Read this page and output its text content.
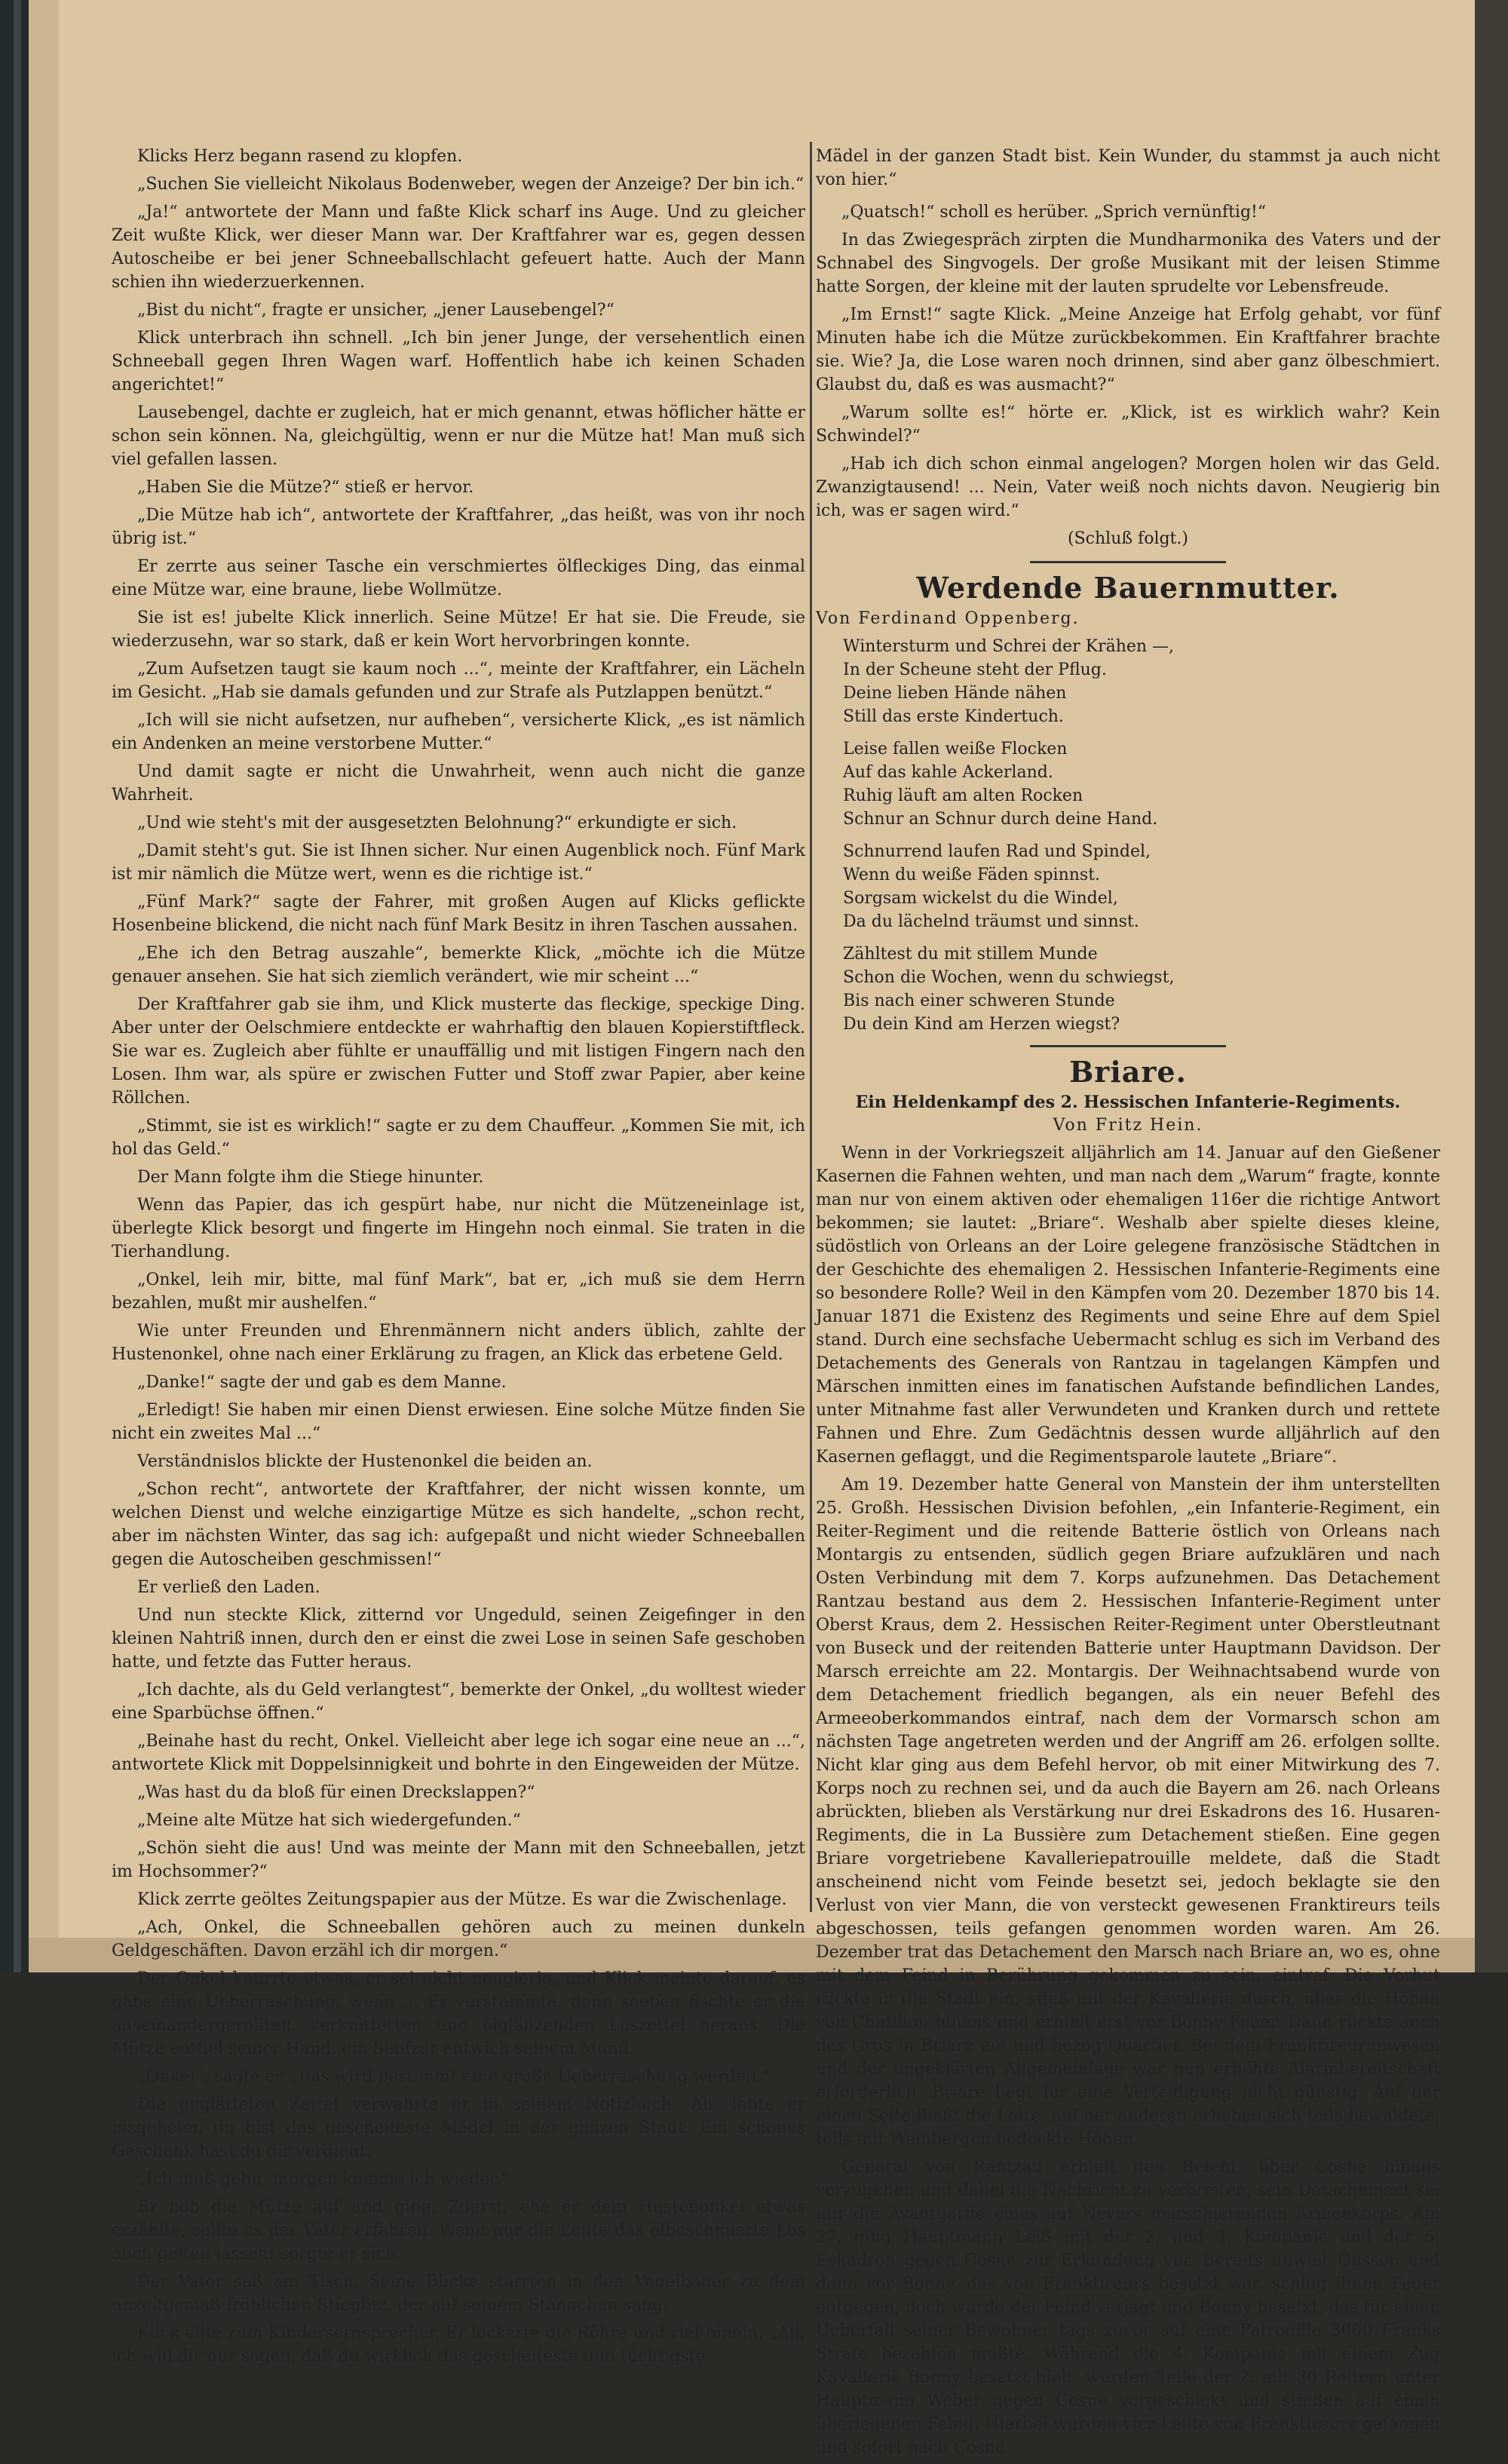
Klicks Herz begann rasend zu klopfen.

„Suchen Sie vielleicht Nikolaus Bodenweber, wegen der Anzeige? Der bin ich.“

„Ja!“ antwortete der Mann und faßte Klick scharf ins Auge. Und zu gleicher Zeit wußte Klick, wer dieser Mann war. Der Kraftfahrer war es, gegen dessen Autoscheibe er bei jener Schneeballschlacht gefeuert hatte. Auch der Mann schien ihn wiederzuerkennen.

„Bist du nicht“, fragte er unsicher, „jener Lausebengel?“

Klick unterbrach ihn schnell. „Ich bin jener Junge, der versehentlich einen Schneeball gegen Ihren Wagen warf. Hoffentlich habe ich keinen Schaden angerichtet!“

Lausebengel, dachte er zugleich, hat er mich genannt, etwas höflicher hätte er schon sein können. Na, gleichgültig, wenn er nur die Mütze hat! Man muß sich viel gefallen lassen.

„Haben Sie die Mütze?“ stieß er hervor.

„Die Mütze hab ich“, antwortete der Kraftfahrer, „das heißt, was von ihr noch übrig ist.“

Er zerrte aus seiner Tasche ein verschmiertes ölfleckiges Ding, das einmal eine Mütze war, eine braune, liebe Wollmütze.

Sie ist es! jubelte Klick innerlich. Seine Mütze! Er hat sie. Die Freude, sie wiederzusehn, war so stark, daß er kein Wort hervorbringen konnte.

„Zum Aufsetzen taugt sie kaum noch ...“, meinte der Kraftfahrer, ein Lächeln im Gesicht. „Hab sie damals gefunden und zur Strafe als Putzlappen benützt.“

„Ich will sie nicht aufsetzen, nur aufheben“, versicherte Klick, „es ist nämlich ein Andenken an meine verstorbene Mutter.“

Und damit sagte er nicht die Unwahrheit, wenn auch nicht die ganze Wahrheit.

„Und wie steht's mit der ausgesetzten Belohnung?“ erkundigte er sich.

„Damit steht's gut. Sie ist Ihnen sicher. Nur einen Augenblick noch. Fünf Mark ist mir nämlich die Mütze wert, wenn es die richtige ist.“

„Fünf Mark?“ sagte der Fahrer, mit großen Augen auf Klicks geflickte Hosenbeine blickend, die nicht nach fünf Mark Besitz in ihren Taschen aussahen.

„Ehe ich den Betrag auszahle“, bemerkte Klick, „möchte ich die Mütze genauer ansehen. Sie hat sich ziemlich verändert, wie mir scheint ...“

Der Kraftfahrer gab sie ihm, und Klick musterte das fleckige, speckige Ding. Aber unter der Oelschmiere entdeckte er wahrhaftig den blauen Kopierstiftfleck. Sie war es. Zugleich aber fühlte er unauffällig und mit listigen Fingern nach den Losen. Ihm war, als spüre er zwischen Futter und Stoff zwar Papier, aber keine Röllchen.

„Stimmt, sie ist es wirklich!“ sagte er zu dem Chauffeur. „Kommen Sie mit, ich hol das Geld.“

Der Mann folgte ihm die Stiege hinunter.

Wenn das Papier, das ich gespürt habe, nur nicht die Mützeneinlage ist, überlegte Klick besorgt und fingerte im Hingehn noch einmal. Sie traten in die Tierhandlung.

„Onkel, leih mir, bitte, mal fünf Mark“, bat er, „ich muß sie dem Herrn bezahlen, mußt mir aushelfen.“

Wie unter Freunden und Ehrenmännern nicht anders üblich, zahlte der Hustenonkel, ohne nach einer Erklärung zu fragen, an Klick das erbetene Geld.

„Danke!“ sagte der und gab es dem Manne.

„Erledigt! Sie haben mir einen Dienst erwiesen. Eine solche Mütze finden Sie nicht ein zweites Mal ...“

Verständnislos blickte der Hustenonkel die beiden an.

„Schon recht“, antwortete der Kraftfahrer, der nicht wissen konnte, um welchen Dienst und welche einzigartige Mütze es sich handelte, „schon recht, aber im nächsten Winter, das sag ich: aufgepaßt und nicht wieder Schneeballen gegen die Autoscheiben geschmissen!“

Er verließ den Laden.

Und nun steckte Klick, zitternd vor Ungeduld, seinen Zeigefinger in den kleinen Nahtriß innen, durch den er einst die zwei Lose in seinen Safe geschoben hatte, und fetzte das Futter heraus.

„Ich dachte, als du Geld verlangtest“, bemerkte der Onkel, „du wolltest wieder eine Sparbüchse öffnen.“

„Beinahe hast du recht, Onkel. Vielleicht aber lege ich sogar eine neue an ...“, antwortete Klick mit Doppelsinnigkeit und bohrte in den Eingeweiden der Mütze.

„Was hast du da bloß für einen Dreckslappen?“

„Meine alte Mütze hat sich wiedergefunden.“

„Schön sieht die aus! Und was meinte der Mann mit den Schneeballen, jetzt im Hochsommer?“

Klick zerrte geöltes Zeitungspapier aus der Mütze. Es war die Zwischenlage.

„Ach, Onkel, die Schneeballen gehören auch zu meinen dunkeln Geldgeschäften. Davon erzähl ich dir morgen.“

Der Onkel knurrte etwas, er sei nicht neugierig, und Klick meinte darauf, es gäbe eine Ueberraschung, wenn ... Er verstummte, denn soeben fischte er die auseinandergerollten, zerknitterten und ölglänzenden Loszettel heraus. Die Mütze entfiel seiner Hand, ein Seufzer entwich seinem Mund.

„Onkel“, sagte er, „das wird bestimmt eine große Ueberraschung werden.“

Die geglätteten Zettel verwahrte er in seinem Notizbuch. Ali, lobte er insgeheim, du bist das gescheiteste Mädel in der ganzen Stadt. Ein schönes Geschenk hast du dir verdient.

„Ich muß gehn, morgen komme ich wieder.“

Er hob die Mütze auf und ging. Zuerst, ehe er dem Hustenonkel etwas erzählte, sollte es der Vater erfahren. Wenn nur die Leute das ölbeschmierte Los auch gelten lassen! sorgte er sich.

Der Vater saß am Tisch. Seine Blicke starrten in den Vogelbauer zu dem unzeitgemäß fröhlichen Stieglitz, der auf seinem Stängchen sang.

Klick eilte zum Kindersernsprecher. Er lockerte die Röhre und rief hinein. „Ali, ich will dir nur sagen, daß du wirklich das gescheiteste und tüchtigste

Mädel in der ganzen Stadt bist. Kein Wunder, du stammst ja auch nicht von hier.“

„Quatsch!“ scholl es herüber. „Sprich vernünftig!“

In das Zwiegespräch zirpten die Mundharmonika des Vaters und der Schnabel des Singvogels. Der große Musikant mit der leisen Stimme hatte Sorgen, der kleine mit der lauten sprudelte vor Lebensfreude.

„Im Ernst!“ sagte Klick. „Meine Anzeige hat Erfolg gehabt, vor fünf Minuten habe ich die Mütze zurückbekommen. Ein Kraftfahrer brachte sie. Wie? Ja, die Lose waren noch drinnen, sind aber ganz ölbeschmiert. Glaubst du, daß es was ausmacht?“

„Warum sollte es!“ hörte er. „Klick, ist es wirklich wahr? Kein Schwindel?“

„Hab ich dich schon einmal angelogen? Morgen holen wir das Geld. Zwanzigtausend! ... Nein, Vater weiß noch nichts davon. Neugierig bin ich, was er sagen wird.“

(Schluß folgt.)
Werdende Bauernmutter.
Von Ferdinand Oppenberg.
Wintersturm und Schrei der Krähen —,
In der Scheune steht der Pflug.
Deine lieben Hände nähen
Still das erste Kindertuch.
Leise fallen weiße Flocken
Auf das kahle Ackerland.
Ruhig läuft am alten Rocken
Schnur an Schnur durch deine Hand.
Schnurrend laufen Rad und Spindel,
Wenn du weiße Fäden spinnst.
Sorgsam wickelst du die Windel,
Da du lächelnd träumst und sinnst.
Zähltest du mit stillem Munde
Schon die Wochen, wenn du schwiegst,
Bis nach einer schweren Stunde
Du dein Kind am Herzen wiegst?
Briare.
Ein Heldenkampf des 2. Hessischen Infanterie-Regiments.
Von Fritz Hein.

Wenn in der Vorkriegszeit alljährlich am 14. Januar auf den Gießener Kasernen die Fahnen wehten, und man nach dem „Warum“ fragte, konnte man nur von einem aktiven oder ehemaligen 116er die richtige Antwort bekommen; sie lautet: „Briare“. Weshalb aber spielte dieses kleine, südöstlich von Orleans an der Loire gelegene französische Städtchen in der Geschichte des ehemaligen 2. Hessischen Infanterie-Regiments eine so besondere Rolle? Weil in den Kämpfen vom 20. Dezember 1870 bis 14. Januar 1871 die Existenz des Regiments und seine Ehre auf dem Spiel stand. Durch eine sechsfache Uebermacht schlug es sich im Verband des Detachements des Generals von Rantzau in tagelangen Kämpfen und Märschen inmitten eines im fanatischen Aufstande befindlichen Landes, unter Mitnahme fast aller Verwundeten und Kranken durch und rettete Fahnen und Ehre. Zum Gedächtnis dessen wurde alljährlich auf den Kasernen geflaggt, und die Regimentsparole lautete „Briare“.

Am 19. Dezember hatte General von Manstein der ihm unterstellten 25. Großh. Hessischen Division befohlen, „ein Infanterie-Regiment, ein Reiter-Regiment und die reitende Batterie östlich von Orleans nach Montargis zu entsenden, südlich gegen Briare aufzuklären und nach Osten Verbindung mit dem 7. Korps aufzunehmen. Das Detachement Rantzau bestand aus dem 2. Hessischen Infanterie-Regiment unter Oberst Kraus, dem 2. Hessischen Reiter-Regiment unter Oberstleutnant von Buseck und der reitenden Batterie unter Hauptmann Davidson. Der Marsch erreichte am 22. Montargis. Der Weihnachtsabend wurde von dem Detachement friedlich begangen, als ein neuer Befehl des Armeeoberkommandos eintraf, nach dem der Vormarsch schon am nächsten Tage angetreten werden und der Angriff am 26. erfolgen sollte. Nicht klar ging aus dem Befehl hervor, ob mit einer Mitwirkung des 7. Korps noch zu rechnen sei, und da auch die Bayern am 26. nach Orleans abrückten, blieben als Verstärkung nur drei Eskadrons des 16. Husaren-Regiments, die in La Bussière zum Detachement stießen. Eine gegen Briare vorgetriebene Kavalleriepatrouille meldete, daß die Stadt anscheinend nicht vom Feinde besetzt sei, jedoch beklagte sie den Verlust von vier Mann, die von versteckt gewesenen Franktireurs teils abgeschossen, teils gefangen genommen worden waren. Am 26. Dezember trat das Detachement den Marsch nach Briare an, wo es, ohne mit dem Feind in Berührung gekommen zu sein, eintraf. Die Vorhut rückte in die Stadt ein, stieß mit der Kavallerie durch, über die Höhen von Chatillon hinaus und erhielt erst vor Bonny Feuer. Dann rückte auch das Gros in Briare ein und bezog Quartier. Bei dem Franktireurunwesen und der ungeklärten Allgemeinlage war nun erhöhte Alarmbereitschaft erforderlich. Briare liegt für eine Verteidigung nicht günstig. Auf der einen Seite fließt die Loire, auf der anderen erheben sich teils bewaldete, teils mit Weinbergen bedeckte Höhen.

General von Rantzau erhielt den Befehl, über Cosne hinaus vorzugehen und dabei die Nachricht zu verbreiten, sein Detachement sei nur die Avantgarde eines auf Nevers marschierenden Armeekorps. Am 27. ging Hauptmann Leiß mit der 2. und 4. Kompanie und der 5. Eskadron gegen Cosne zur Erkundung vor. Bereits unweit Ousson und dann vor Bonny, das von Franktireurs besetzt war, schlug ihnen Feuer entgegen, doch wurde der Feind verjagt und Bonny besetzt, das für einen Ueberfall seiner Bewohner tags zuvor auf eine Patrouille 3000 Franks Strafe bezahlen mußte. Während die 4. Kompanie mit einem Zug Kavallerie Bonny besetzt hielt, wurden Teile der 2. mit 30 Reitern unter Hauptmann Weber gegen Cosne vorgeschickt und stießen auf einen überlegenen Feind. Hierbei wurden vier Leute von Franktireurs gefangen und sofort nach Cosne
